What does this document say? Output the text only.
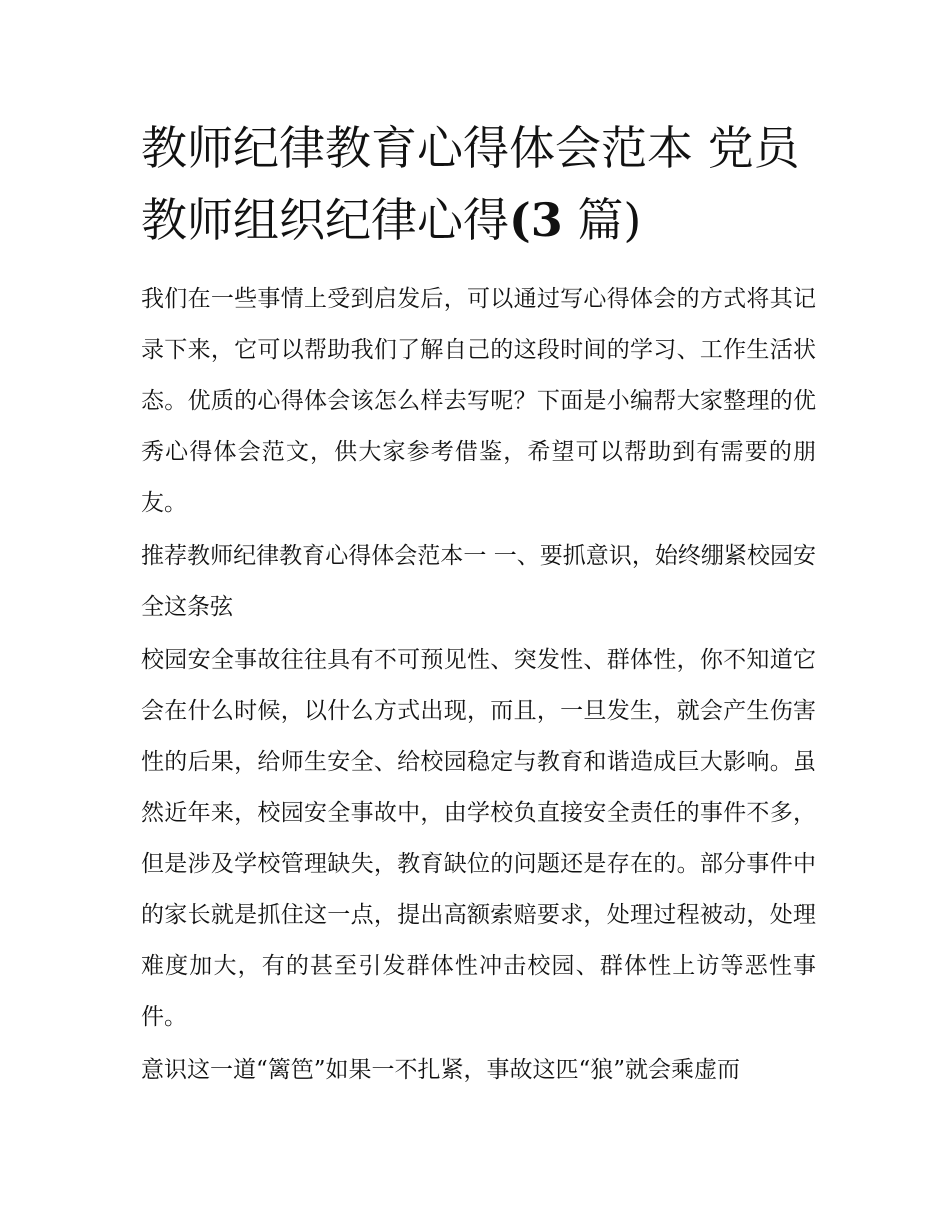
教师纪律教育心得体会范本 党员教师组织纪律心得(3 篇)

我们在一些事情上受到启发后，可以通过写心得体会的方式将其记录下来，它可以帮助我们了解自己的这段时间的学习、工作生活状态。优质的心得体会该怎么样去写呢？下面是小编帮大家整理的优秀心得体会范文，供大家参考借鉴，希望可以帮助到有需要的朋友。

推荐教师纪律教育心得体会范本一 一、要抓意识，始终绷紧校园安全这条弦

校园安全事故往往具有不可预见性、突发性、群体性，你不知道它会在什么时候，以什么方式出现，而且，一旦发生，就会产生伤害性的后果，给师生安全、给校园稳定与教育和谐造成巨大影响。虽然近年来，校园安全事故中，由学校负直接安全责任的事件不多，但是涉及学校管理缺失，教育缺位的问题还是存在的。部分事件中的家长就是抓住这一点，提出高额索赔要求，处理过程被动，处理难度加大，有的甚至引发群体性冲击校园、群体性上访等恶性事件。

意识这一道“篱笆”如果一不扎紧，事故这匹“狼”就会乘虚而
